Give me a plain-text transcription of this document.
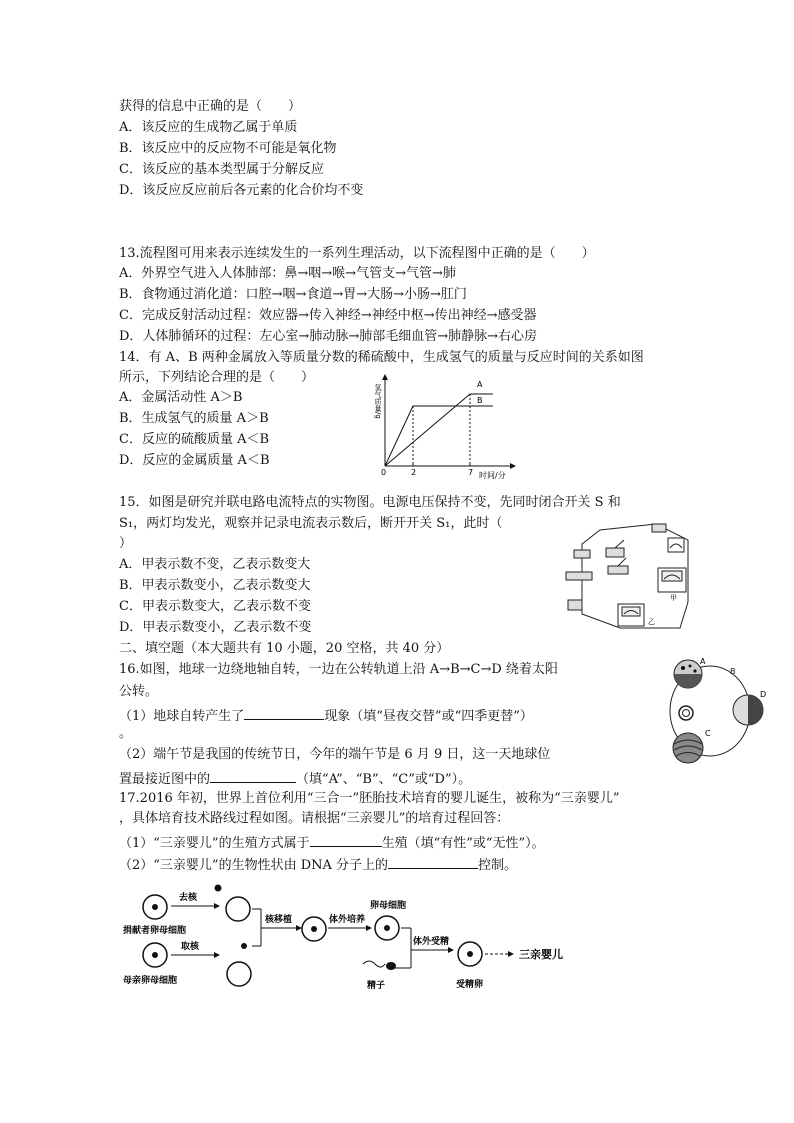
获得的信息中正确的是（　　）
A．该反应的生成物乙属于单质
B．该反应中的反应物不可能是氧化物
C．该反应的基本类型属于分解反应
D．该反应反应前后各元素的化合价均不变
13.流程图可用来表示连续发生的一系列生理活动，以下流程图中正确的是（　　）
A．外界空气进入人体肺部：鼻→咽→喉→气管支→气管→肺
B．食物通过消化道：口腔→咽→食道→胃→大肠→小肠→肛门
C．完成反射活动过程：效应器→传入神经→神经中枢→传出神经→感受器
D．人体肺循环的过程：左心室→肺动脉→肺部毛细血管→肺静脉→右心房
14．有 A、B 两种金属放入等质量分数的稀硫酸中，生成氢气的质量与反应时间的关系如图
所示，下列结论合理的是（　　）
A．金属活动性 A＞B
B．生成氢气的质量 A＞B
C．反应的硫酸质量 A＜B
D．反应的金属质量 A＜B
氢气质量/g
0	2	7 时间/分
A
B
15．如图是研究并联电路电流特点的实物图。电源电压保持不变，先同时闭合开关 S 和
S₁，两灯均发光，观察并记录电流表示数后，断开开关 S₁，此时（
）
A．甲表示数不变，乙表示数变大
B．甲表示数变小，乙表示数变大
C．甲表示数变大，乙表示数不变
D．甲表示数变小，乙表示数不变
甲
乙
二、填空题（本大题共有 10 小题，20 空格，共 40 分）
16.如图，地球一边绕地轴自转，一边在公转轨道上沿 A→B→C→D 绕着太阳
公转。
（1）地球自转产生了	现象（填“昼夜交替”或“四季更替”）
。
（2）端午节是我国的传统节日，今年的端午节是 6 月 9 日，这一天地球位
置最接近图中的	（填“A”、“B”、“C”或“D”）。
A
D
C
B
17.2016 年初，世界上首位利用“三合一”胚胎技术培育的婴儿诞生，被称为“三亲婴儿”
，具体培育技术路线过程如图。请根据“三亲婴儿”的培育过程回答：
（1）“三亲婴儿”的生殖方式属于	生殖（填“有性”或“无性”）。
（2）“三亲婴儿”的生物性状由 DNA 分子上的	控制。
捐献者卵母细胞
去核
母亲卵母细胞
取核
核移植	体外培养
卵母细胞
体外受精
精子	受精卵
三亲婴儿
